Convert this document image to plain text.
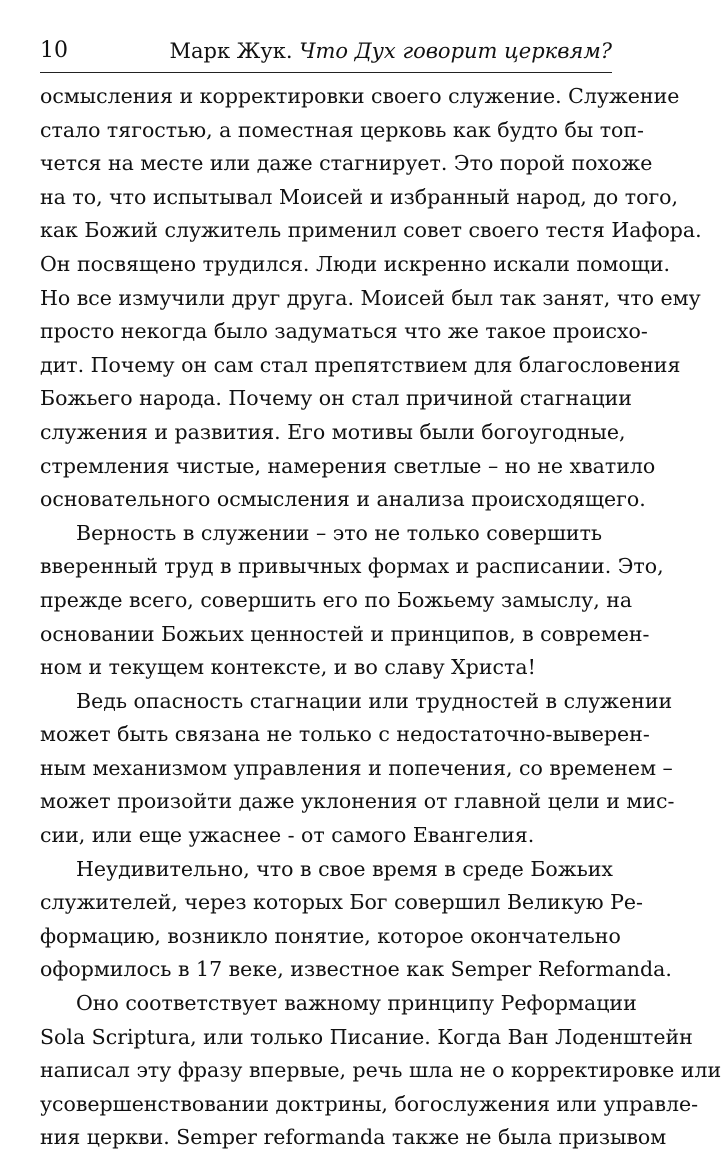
10	Марк Жук. Что Дух говорит церквям?
осмысления и корректировки своего служение. Служение
стало тягостью, а поместная церковь как будто бы топ-
чется на месте или даже стагнирует. Это порой похоже
на то, что испытывал Моисей и избранный народ, до того,
как Божий служитель применил совет своего тестя Иафора.
Он посвящено трудился. Люди искренно искали помощи.
Но все измучили друг друга. Моисей был так занят, что ему
просто некогда было задуматься что же такое происхо-
дит. Почему он сам стал препятствием для благословения
Божьего народа. Почему он стал причиной стагнации
служения и развития. Его мотивы были богоугодные,
стремления чистые, намерения светлые – но не хватило
основательного осмысления и анализа происходящего.
Верность в служении – это не только совершить
вверенный труд в привычных формах и расписании. Это,
прежде всего, совершить его по Божьему замыслу, на
основании Божьих ценностей и принципов, в современ-
ном и текущем контексте, и во славу Христа!
Ведь опасность стагнации или трудностей в служении
может быть связана не только с недостаточно-выверен-
ным механизмом управления и попечения, со временем –
может произойти даже уклонения от главной цели и мис-
сии, или еще ужаснее - от самого Евангелия.
Неудивительно, что в свое время в среде Божьих
служителей, через которых Бог совершил Великую Ре-
формацию, возникло понятие, которое окончательно
оформилось в 17 веке, известное как Semper Reformanda.
Оно соответствует важному принципу Реформации
Sola Scriptura, или только Писание. Когда Ван Лоденштейн
написал эту фразу впервые, речь шла не о корректировке или
усовершенствовании доктрины, богослужения или управле-
ния церкви. Semper reformanda также не была призывом
